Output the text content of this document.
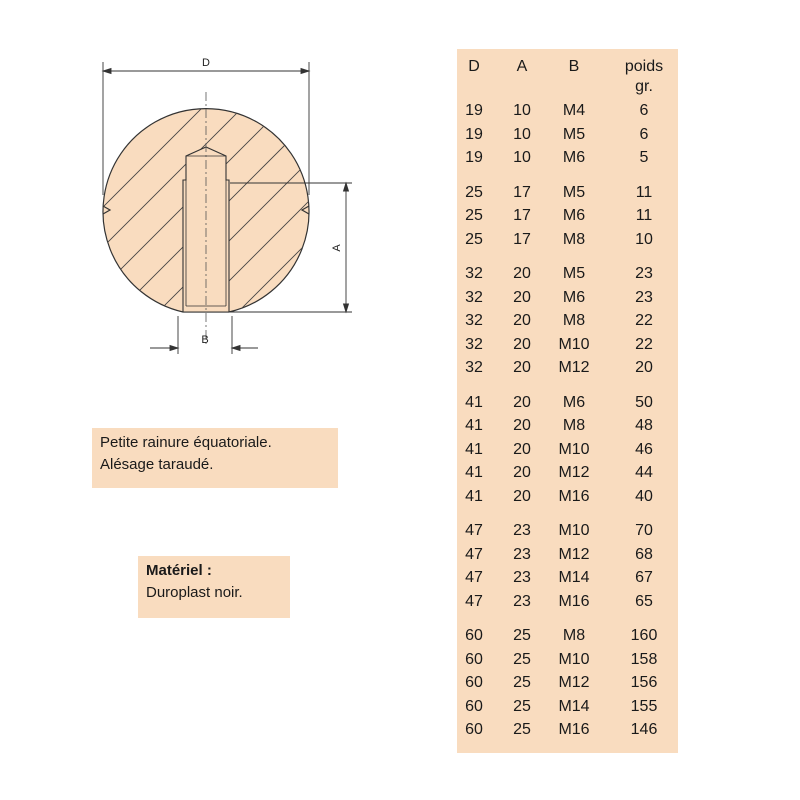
D
A
B
Petite rainure équatoriale.
Alésage taraudé.
Matériel :
Duroplast noir.
D	A	B	poids
gr.
19	10	M4	6
19	10	M5	6
19	10	M6	5
25	17	M5	11
25	17	M6	11
25	17	M8	10
32	20	M5	23
32	20	M6	23
32	20	M8	22
32	20	M10	22
32	20	M12	20
41	20	M6	50
41	20	M8	48
41	20	M10	46
41	20	M12	44
41	20	M16	40
47	23	M10	70
47	23	M12	68
47	23	M14	67
47	23	M16	65
60	25	M8	160
60	25	M10	158
60	25	M12	156
60	25	M14	155
60	25	M16	146
